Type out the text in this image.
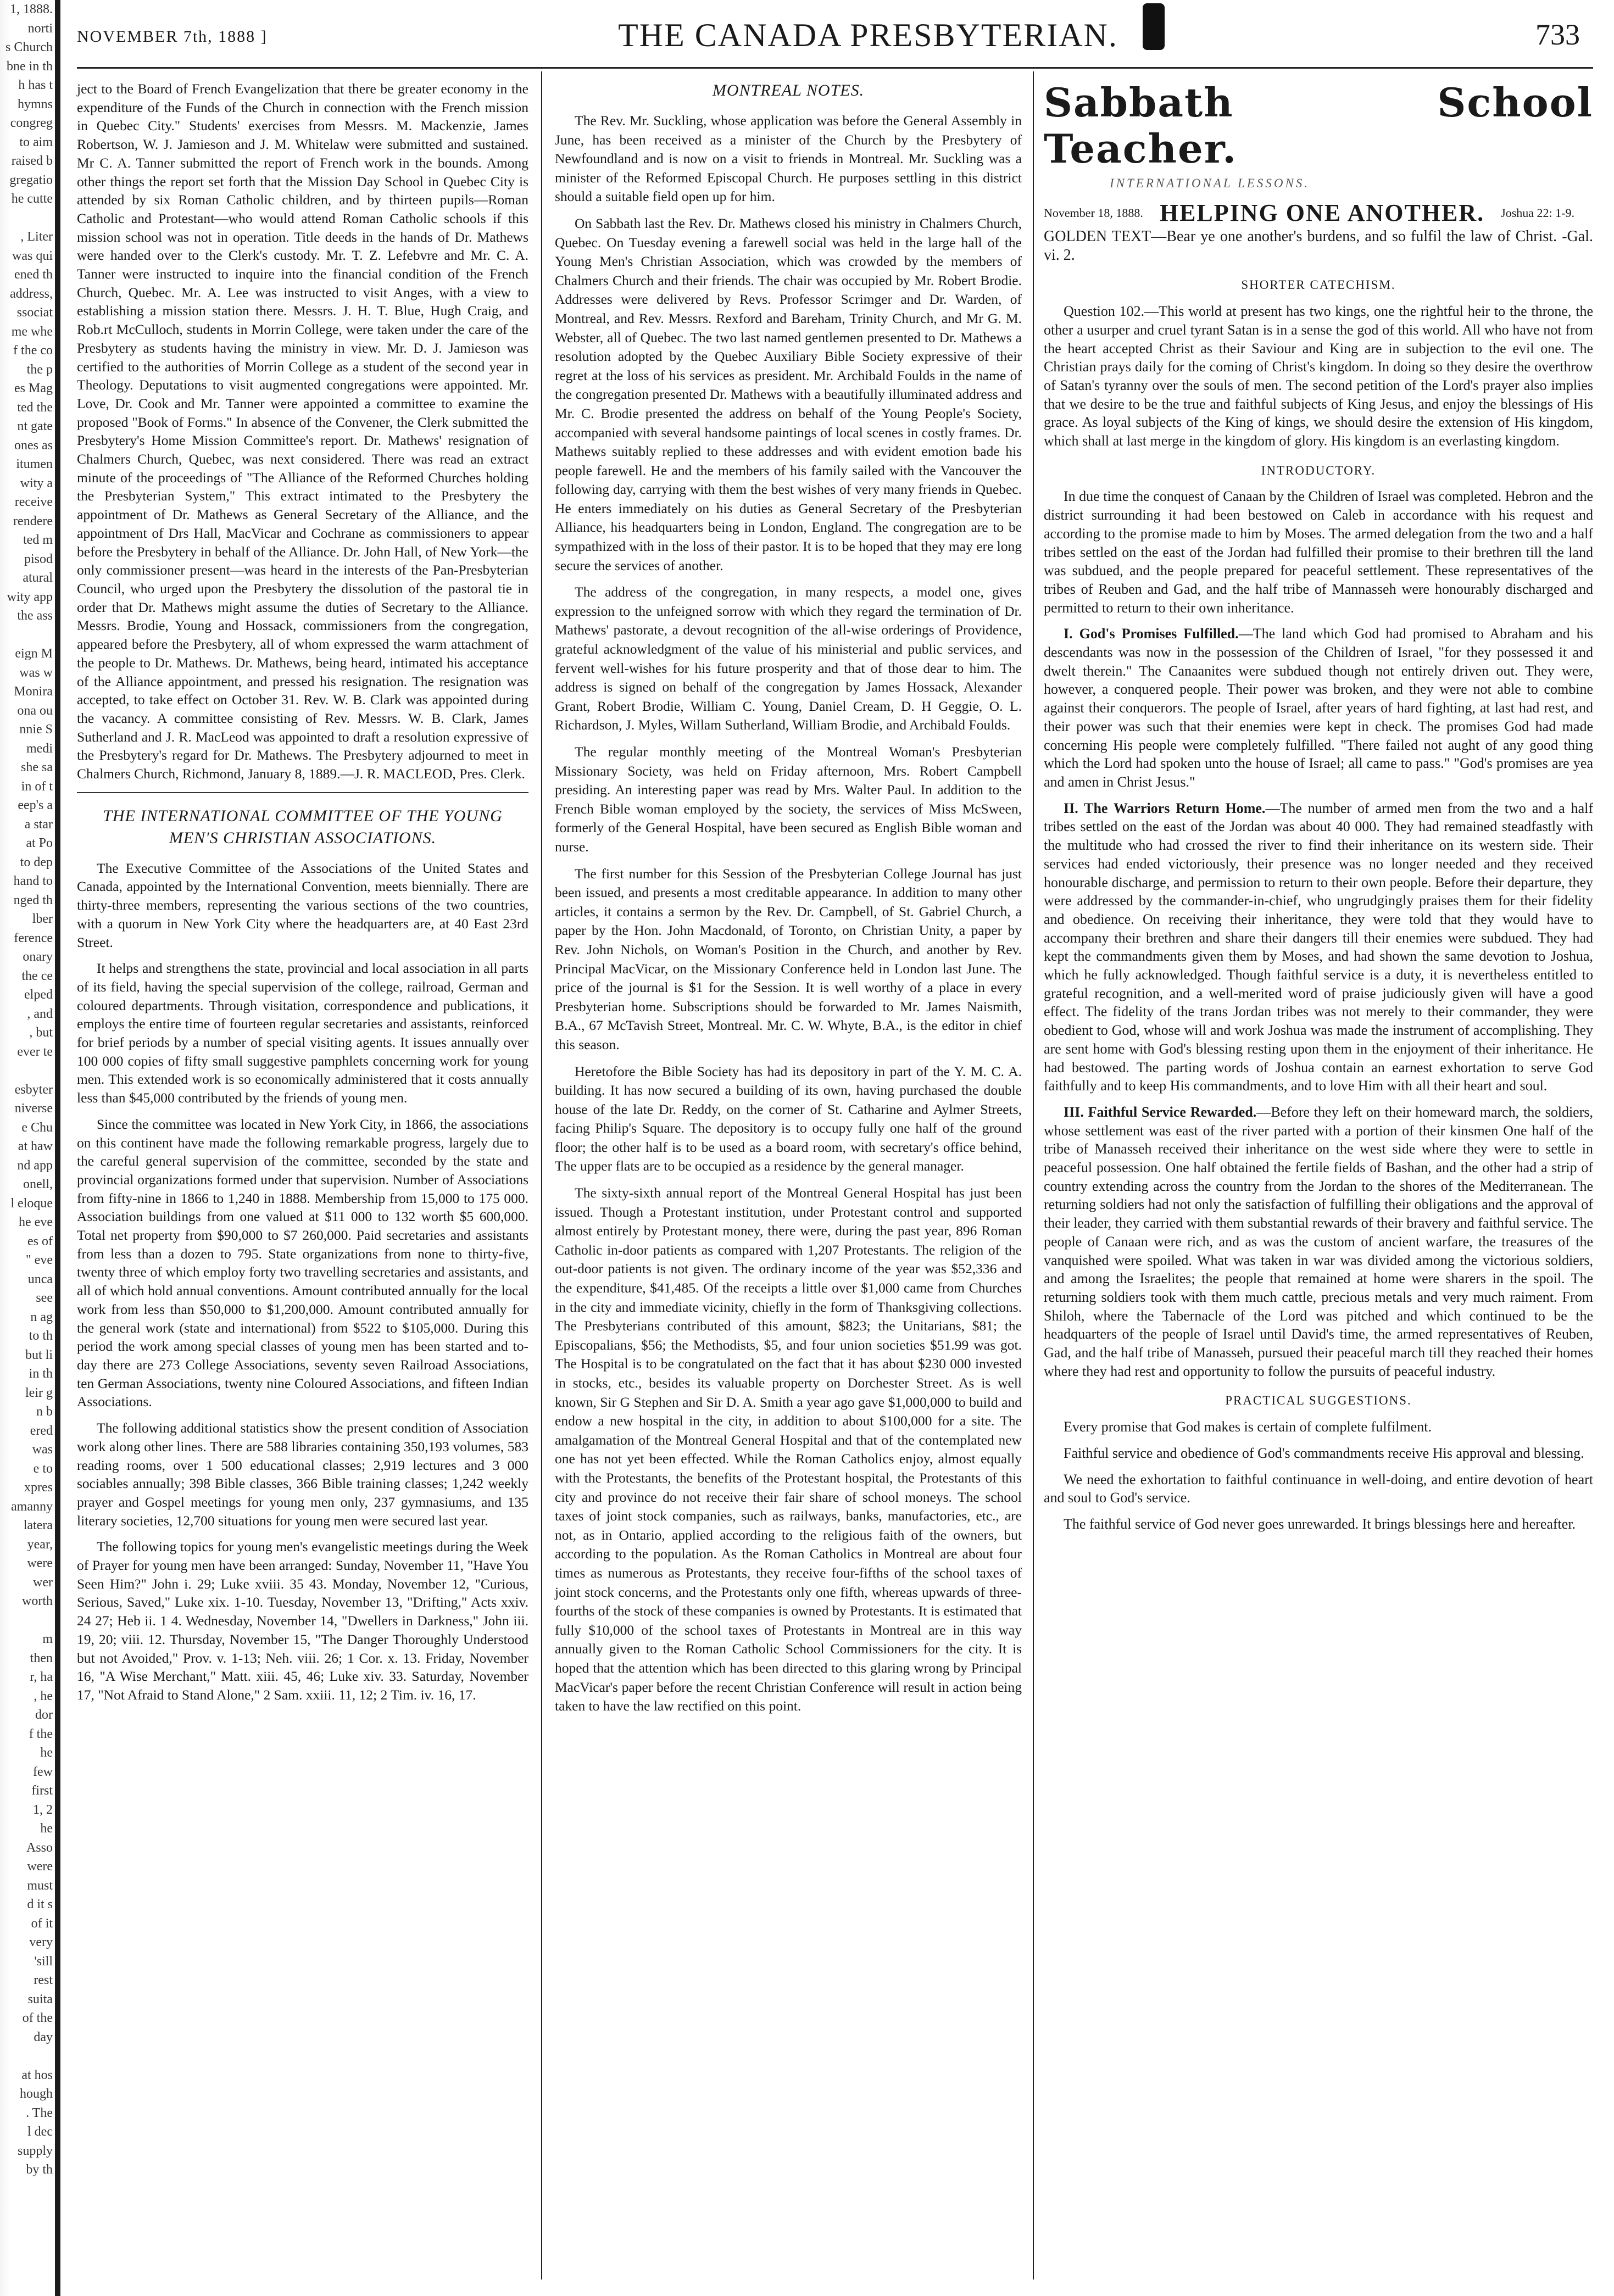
1, 1888.
norti
s Church
bne in th
h has t
hymns
congreg
to aim
raised b
gregatio
he cutte

, Liter
was qui
ened th
address,
ssociat
me whe
f the co
the p
es Mag
ted the
nt gate
ones as
itumen
wity a
receive
rendere
ted m
pisod
atural
wity app
the ass

eign M
was w
Monira
ona ou
nnie S
medi
she sa
in of t
eep's a
a star
at Po
to dep
hand to
nged th
lber
ference
onary
the ce
elped
, and
, but
ever te

esbyter
niverse
e Chu
at haw
nd app
onell,
l eloque
he eve
es of
" eve
unca
see
n ag
to th
but li
in th
leir g
n b
ered
was
e to
xpres
amanny
latera
year,
were
wer
worth

m
then
r, ha
, he
dor
f the
he
few
first
1, 2
he
Asso
were
must
d it s
of it
very
'sill
rest
suita
of the
day

at hos
hough
. The
l dec
supply
by th
NOVEMBER 7th, 1888 ]	THE CANADA PRESBYTERIAN.	733

ject to the Board of French Evangelization that there be greater economy in the expenditure of the Funds of the Church in connection with the French mission in Quebec City." Students' exercises from Messrs. M. Mackenzie, James Robertson, W. J. Jamieson and J. M. Whitelaw were submitted and sustained. Mr C. A. Tanner submitted the report of French work in the bounds. Among other things the report set forth that the Mission Day School in Quebec City is attended by six Roman Catholic children, and by thirteen pupils—Roman Catholic and Protestant—who would attend Roman Catholic schools if this mission school was not in operation. Title deeds in the hands of Dr. Mathews were handed over to the Clerk's custody. Mr. T. Z. Lefebvre and Mr. C. A. Tanner were instructed to inquire into the financial condition of the French Church, Quebec. Mr. A. Lee was instructed to visit Anges, with a view to establishing a mission station there. Messrs. J. H. T. Blue, Hugh Craig, and Rob.rt McCulloch, students in Morrin College, were taken under the care of the Presbytery as students having the ministry in view. Mr. D. J. Jamieson was certified to the authorities of Morrin College as a student of the second year in Theology. Deputations to visit augmented congregations were appointed. Mr. Love, Dr. Cook and Mr. Tanner were appointed a committee to examine the proposed "Book of Forms." In absence of the Convener, the Clerk submitted the Presbytery's Home Mission Committee's report. Dr. Mathews' resignation of Chalmers Church, Quebec, was next considered. There was read an extract minute of the proceedings of "The Alliance of the Reformed Churches holding the Presbyterian System," This extract intimated to the Presbytery the appointment of Dr. Mathews as General Secretary of the Alliance, and the appointment of Drs Hall, MacVicar and Cochrane as commissioners to appear before the Presbytery in behalf of the Alliance. Dr. John Hall, of New York—the only commissioner present—was heard in the interests of the Pan-Presbyterian Council, who urged upon the Presbytery the dissolution of the pastoral tie in order that Dr. Mathews might assume the duties of Secretary to the Alliance. Messrs. Brodie, Young and Hossack, commissioners from the congregation, appeared before the Presbytery, all of whom expressed the warm attachment of the people to Dr. Mathews. Dr. Mathews, being heard, intimated his acceptance of the Alliance appointment, and pressed his resignation. The resignation was accepted, to take effect on October 31. Rev. W. B. Clark was appointed during the vacancy. A committee consisting of Rev. Messrs. W. B. Clark, James Sutherland and J. R. MacLeod was appointed to draft a resolution expressive of the Presbytery's regard for Dr. Mathews. The Presbytery adjourned to meet in Chalmers Church, Richmond, January 8, 1889.—J. R. MACLEOD, Pres. Clerk.

THE INTERNATIONAL COMMITTEE OF THE YOUNG MEN'S CHRISTIAN ASSOCIATIONS.

The Executive Committee of the Associations of the United States and Canada, appointed by the International Convention, meets biennially. There are thirty-three members, representing the various sections of the two countries, with a quorum in New York City where the headquarters are, at 40 East 23rd Street.

It helps and strengthens the state, provincial and local association in all parts of its field, having the special supervision of the college, railroad, German and coloured departments. Through visitation, correspondence and publications, it employs the entire time of fourteen regular secretaries and assistants, reinforced for brief periods by a number of special visiting agents. It issues annually over 100 000 copies of fifty small suggestive pamphlets concerning work for young men. This extended work is so economically administered that it costs annually less than $45,000 contributed by the friends of young men.

Since the committee was located in New York City, in 1866, the associations on this continent have made the following remarkable progress, largely due to the careful general supervision of the committee, seconded by the state and provincial organizations formed under that supervision. Number of Associations from fifty-nine in 1866 to 1,240 in 1888. Membership from 15,000 to 175 000. Association buildings from one valued at $11 000 to 132 worth $5 600,000. Total net property from $90,000 to $7 260,000. Paid secretaries and assistants from less than a dozen to 795. State organizations from none to thirty-five, twenty three of which employ forty two travelling secretaries and assistants, and all of which hold annual conventions. Amount contributed annually for the local work from less than $50,000 to $1,200,000. Amount contributed annually for the general work (state and international) from $522 to $105,000. During this period the work among special classes of young men has been started and to-day there are 273 College Associations, seventy seven Railroad Associations, ten German Associations, twenty nine Coloured Associations, and fifteen Indian Associations.

The following additional statistics show the present condition of Association work along other lines. There are 588 libraries containing 350,193 volumes, 583 reading rooms, over 1 500 educational classes; 2,919 lectures and 3 000 sociables annually; 398 Bible classes, 366 Bible training classes; 1,242 weekly prayer and Gospel meetings for young men only, 237 gymnasiums, and 135 literary societies, 12,700 situations for young men were secured last year.

The following topics for young men's evangelistic meetings during the Week of Prayer for young men have been arranged: Sunday, November 11, "Have You Seen Him?" John i. 29; Luke xviii. 35 43. Monday, November 12, "Curious, Serious, Saved," Luke xix. 1-10. Tuesday, November 13, "Drifting," Acts xxiv. 24 27; Heb ii. 1 4. Wednesday, November 14, "Dwellers in Darkness," John iii. 19, 20; viii. 12. Thursday, November 15, "The Danger Thoroughly Understood but not Avoided," Prov. v. 1-13; Neh. viii. 26; 1 Cor. x. 13. Friday, November 16, "A Wise Merchant," Matt. xiii. 45, 46; Luke xiv. 33. Saturday, November 17, "Not Afraid to Stand Alone," 2 Sam. xxiii. 11, 12; 2 Tim. iv. 16, 17.

MONTREAL NOTES.

The Rev. Mr. Suckling, whose application was before the General Assembly in June, has been received as a minister of the Church by the Presbytery of Newfoundland and is now on a visit to friends in Montreal. Mr. Suckling was a minister of the Reformed Episcopal Church. He purposes settling in this district should a suitable field open up for him.

On Sabbath last the Rev. Dr. Mathews closed his ministry in Chalmers Church, Quebec. On Tuesday evening a farewell social was held in the large hall of the Young Men's Christian Association, which was crowded by the members of Chalmers Church and their friends. The chair was occupied by Mr. Robert Brodie. Addresses were delivered by Revs. Professor Scrimger and Dr. Warden, of Montreal, and Rev. Messrs. Rexford and Bareham, Trinity Church, and Mr G. M. Webster, all of Quebec. The two last named gentlemen presented to Dr. Mathews a resolution adopted by the Quebec Auxiliary Bible Society expressive of their regret at the loss of his services as president. Mr. Archibald Foulds in the name of the congregation presented Dr. Mathews with a beautifully illuminated address and Mr. C. Brodie presented the address on behalf of the Young People's Society, accompanied with several handsome paintings of local scenes in costly frames. Dr. Mathews suitably replied to these addresses and with evident emotion bade his people farewell. He and the members of his family sailed with the Vancouver the following day, carrying with them the best wishes of very many friends in Quebec. He enters immediately on his duties as General Secretary of the Presbyterian Alliance, his headquarters being in London, England. The congregation are to be sympathized with in the loss of their pastor. It is to be hoped that they may ere long secure the services of another.

The address of the congregation, in many respects, a model one, gives expression to the unfeigned sorrow with which they regard the termination of Dr. Mathews' pastorate, a devout recognition of the all-wise orderings of Providence, grateful acknowledgment of the value of his ministerial and public services, and fervent well-wishes for his future prosperity and that of those dear to him. The address is signed on behalf of the congregation by James Hossack, Alexander Grant, Robert Brodie, William C. Young, Daniel Cream, D. H Geggie, O. L. Richardson, J. Myles, Willam Sutherland, William Brodie, and Archibald Foulds.

The regular monthly meeting of the Montreal Woman's Presbyterian Missionary Society, was held on Friday afternoon, Mrs. Robert Campbell presiding. An interesting paper was read by Mrs. Walter Paul. In addition to the French Bible woman employed by the society, the services of Miss McSween, formerly of the General Hospital, have been secured as English Bible woman and nurse.

The first number for this Session of the Presbyterian College Journal has just been issued, and presents a most creditable appearance. In addition to many other articles, it contains a sermon by the Rev. Dr. Campbell, of St. Gabriel Church, a paper by the Hon. John Macdonald, of Toronto, on Christian Unity, a paper by Rev. John Nichols, on Woman's Position in the Church, and another by Rev. Principal MacVicar, on the Missionary Conference held in London last June. The price of the journal is $1 for the Session. It is well worthy of a place in every Presbyterian home. Subscriptions should be forwarded to Mr. James Naismith, B.A., 67 McTavish Street, Montreal. Mr. C. W. Whyte, B.A., is the editor in chief this season.

Heretofore the Bible Society has had its depository in part of the Y. M. C. A. building. It has now secured a building of its own, having purchased the double house of the late Dr. Reddy, on the corner of St. Catharine and Aylmer Streets, facing Philip's Square. The depository is to occupy fully one half of the ground floor; the other half is to be used as a board room, with secretary's office behind, The upper flats are to be occupied as a residence by the general manager.

The sixty-sixth annual report of the Montreal General Hospital has just been issued. Though a Protestant institution, under Protestant control and supported almost entirely by Protestant money, there were, during the past year, 896 Roman Catholic in-door patients as compared with 1,207 Protestants. The religion of the out-door patients is not given. The ordinary income of the year was $52,336 and the expenditure, $41,485. Of the receipts a little over $1,000 came from Churches in the city and immediate vicinity, chiefly in the form of Thanksgiving collections. The Presbyterians contributed of this amount, $823; the Unitarians, $81; the Episcopalians, $56; the Methodists, $5, and four union societies $51.99 was got. The Hospital is to be congratulated on the fact that it has about $230 000 invested in stocks, etc., besides its valuable property on Dorchester Street. As is well known, Sir G Stephen and Sir D. A. Smith a year ago gave $1,000,000 to build and endow a new hospital in the city, in addition to about $100,000 for a site. The amalgamation of the Montreal General Hospital and that of the contemplated new one has not yet been effected. While the Roman Catholics enjoy, almost equally with the Protestants, the benefits of the Protestant hospital, the Protestants of this city and province do not receive their fair share of school moneys. The school taxes of joint stock companies, such as railways, banks, manufactories, etc., are not, as in Ontario, applied according to the religious faith of the owners, but according to the population. As the Roman Catholics in Montreal are about four times as numerous as Protestants, they receive four-fifths of the school taxes of joint stock concerns, and the Protestants only one fifth, whereas upwards of three-fourths of the stock of these companies is owned by Protestants. It is estimated that fully $10,000 of the school taxes of Protestants in Montreal are in this way annually given to the Roman Catholic School Commissioners for the city. It is hoped that the attention which has been directed to this glaring wrong by Principal MacVicar's paper before the recent Christian Conference will result in action being taken to have the law rectified on this point.

Sabbath School Teacher.
INTERNATIONAL LESSONS.
November 18, 1888. HELPING ONE ANOTHER. Joshua 22: 1-9.
GOLDEN TEXT—Bear ye one another's burdens, and so fulfil the law of Christ. -Gal. vi. 2.
SHORTER CATECHISM.

Question 102.—This world at present has two kings, one the rightful heir to the throne, the other a usurper and cruel tyrant Satan is in a sense the god of this world. All who have not from the heart accepted Christ as their Saviour and King are in subjection to the evil one. The Christian prays daily for the coming of Christ's kingdom. In doing so they desire the overthrow of Satan's tyranny over the souls of men. The second petition of the Lord's prayer also implies that we desire to be the true and faithful subjects of King Jesus, and enjoy the blessings of His grace. As loyal subjects of the King of kings, we should desire the extension of His kingdom, which shall at last merge in the kingdom of glory. His kingdom is an everlasting kingdom.

INTRODUCTORY.

In due time the conquest of Canaan by the Children of Israel was completed. Hebron and the district surrounding it had been bestowed on Caleb in accordance with his request and according to the promise made to him by Moses. The armed delegation from the two and a half tribes settled on the east of the Jordan had fulfilled their promise to their brethren till the land was subdued, and the people prepared for peaceful settlement. These representatives of the tribes of Reuben and Gad, and the half tribe of Mannasseh were honourably discharged and permitted to return to their own inheritance.

I. God's Promises Fulfilled.—The land which God had promised to Abraham and his descendants was now in the possession of the Children of Israel, "for they possessed it and dwelt therein." The Canaanites were subdued though not entirely driven out. They were, however, a conquered people. Their power was broken, and they were not able to combine against their conquerors. The people of Israel, after years of hard fighting, at last had rest, and their power was such that their enemies were kept in check. The promises God had made concerning His people were completely fulfilled. "There failed not aught of any good thing which the Lord had spoken unto the house of Israel; all came to pass." "God's promises are yea and amen in Christ Jesus."

II. The Warriors Return Home.—The number of armed men from the two and a half tribes settled on the east of the Jordan was about 40 000. They had remained steadfastly with the multitude who had crossed the river to find their inheritance on its western side. Their services had ended victoriously, their presence was no longer needed and they received honourable discharge, and permission to return to their own people. Before their departure, they were addressed by the commander-in-chief, who ungrudgingly praises them for their fidelity and obedience. On receiving their inheritance, they were told that they would have to accompany their brethren and share their dangers till their enemies were subdued. They had kept the commandments given them by Moses, and had shown the same devotion to Joshua, which he fully acknowledged. Though faithful service is a duty, it is nevertheless entitled to grateful recognition, and a well-merited word of praise judiciously given will have a good effect. The fidelity of the trans Jordan tribes was not merely to their commander, they were obedient to God, whose will and work Joshua was made the instrument of accomplishing. They are sent home with God's blessing resting upon them in the enjoyment of their inheritance. He had bestowed. The parting words of Joshua contain an earnest exhortation to serve God faithfully and to keep His commandments, and to love Him with all their heart and soul.

III. Faithful Service Rewarded.—Before they left on their homeward march, the soldiers, whose settlement was east of the river parted with a portion of their kinsmen One half of the tribe of Manasseh received their inheritance on the west side where they were to settle in peaceful possession. One half obtained the fertile fields of Bashan, and the other had a strip of country extending across the country from the Jordan to the shores of the Mediterranean. The returning soldiers had not only the satisfaction of fulfilling their obligations and the approval of their leader, they carried with them substantial rewards of their bravery and faithful service. The people of Canaan were rich, and as was the custom of ancient warfare, the treasures of the vanquished were spoiled. What was taken in war was divided among the victorious soldiers, and among the Israelites; the people that remained at home were sharers in the spoil. The returning soldiers took with them much cattle, precious metals and very much raiment. From Shiloh, where the Tabernacle of the Lord was pitched and which continued to be the headquarters of the people of Israel until David's time, the armed representatives of Reuben, Gad, and the half tribe of Manasseh, pursued their peaceful march till they reached their homes where they had rest and opportunity to follow the pursuits of peaceful industry.

PRACTICAL SUGGESTIONS.

Every promise that God makes is certain of complete fulfilment.

Faithful service and obedience of God's commandments receive His approval and blessing.

We need the exhortation to faithful continuance in well-doing, and entire devotion of heart and soul to God's service.

The faithful service of God never goes unrewarded. It brings blessings here and hereafter.
